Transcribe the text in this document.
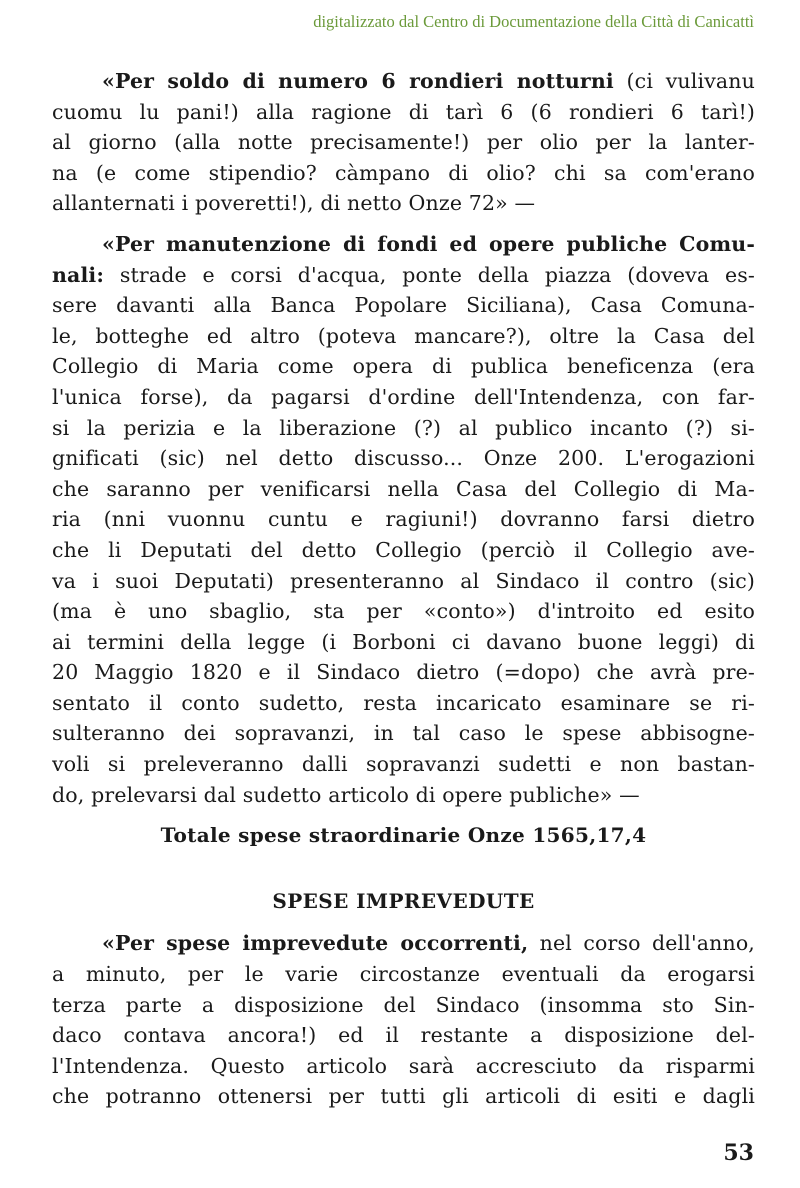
digitalizzato dal Centro di Documentazione della Città di Canicattì
«Per soldo di numero 6 rondieri notturni (ci vulivanu
cuomu lu pani!) alla ragione di tarì 6 (6 rondieri 6 tarì!)
al giorno (alla notte precisamente!) per olio per la lanter-
na (e come stipendio? càmpano di olio? chi sa com'erano
allanternati i poveretti!), di netto Onze 72» —
«Per manutenzione di fondi ed opere publiche Comu-
nali: strade e corsi d'acqua, ponte della piazza (doveva es-
sere davanti alla Banca Popolare Siciliana), Casa Comuna-
le, botteghe ed altro (poteva mancare?), oltre la Casa del
Collegio di Maria come opera di publica beneficenza (era
l'unica forse), da pagarsi d'ordine dell'Intendenza, con far-
si la perizia e la liberazione (?) al publico incanto (?) si-
gnificati (sic) nel detto discusso... Onze 200. L'erogazioni
che saranno per venificarsi nella Casa del Collegio di Ma-
ria (nni vuonnu cuntu e ragiuni!) dovranno farsi dietro
che li Deputati del detto Collegio (perciò il Collegio ave-
va i suoi Deputati) presenteranno al Sindaco il contro (sic)
(ma è uno sbaglio, sta per «conto») d'introito ed esito
ai termini della legge (i Borboni ci davano buone leggi) di
20 Maggio 1820 e il Sindaco dietro (=dopo) che avrà pre-
sentato il conto sudetto, resta incaricato esaminare se ri-
sulteranno dei sopravanzi, in tal caso le spese abbisogne-
voli si preleveranno dalli sopravanzi sudetti e non bastan-
do, prelevarsi dal sudetto articolo di opere publiche» —
Totale spese straordinarie Onze 1565,17,4
SPESE IMPREVEDUTE
«Per spese imprevedute occorrenti, nel corso dell'anno,
a minuto, per le varie circostanze eventuali da erogarsi
terza parte a disposizione del Sindaco (insomma sto Sin-
daco contava ancora!) ed il restante a disposizione del-
l'Intendenza. Questo articolo sarà accresciuto da risparmi
che potranno ottenersi per tutti gli articoli di esiti e dagli
53
